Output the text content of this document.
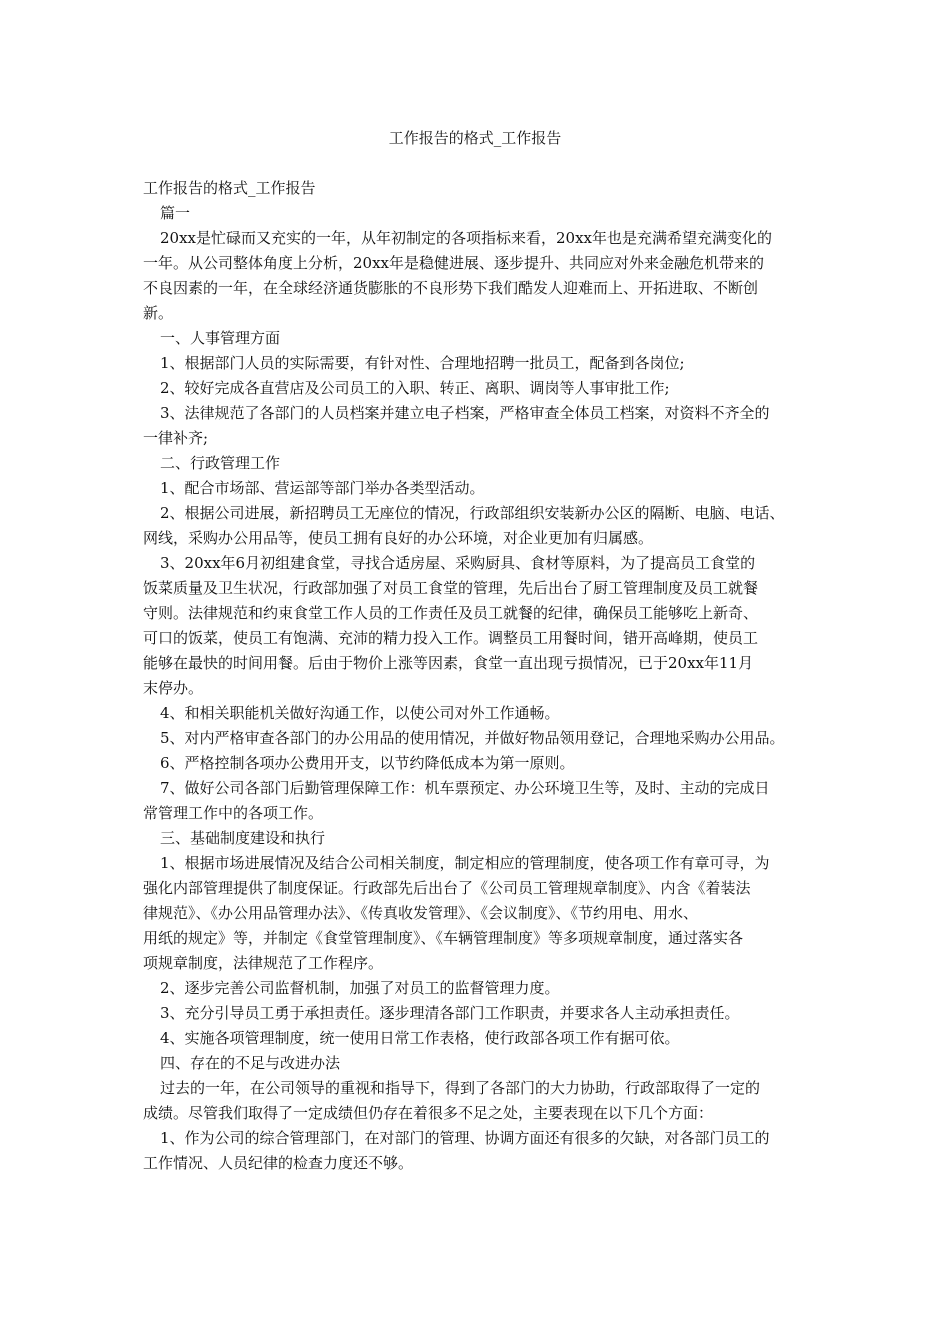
工作报告的格式_工作报告

工作报告的格式_工作报告

篇一

20xx是忙碌而又充实的一年，从年初制定的各项指标来看，20xx年也是充满希望充满变化的

一年。从公司整体角度上分析，20xx年是稳健进展、逐步提升、共同应对外来金融危机带来的

不良因素的一年，在全球经济通货膨胀的不良形势下我们酷发人迎难而上、开拓进取、不断创

新。

一、人事管理方面

1、根据部门人员的实际需要，有针对性、合理地招聘一批员工，配备到各岗位;

2、较好完成各直营店及公司员工的入职、转正、离职、调岗等人事审批工作;

3、法律规范了各部门的人员档案并建立电子档案，严格审查全体员工档案，对资料不齐全的

一律补齐;

二、行政管理工作

1、配合市场部、营运部等部门举办各类型活动。

2、根据公司进展，新招聘员工无座位的情况，行政部组织安装新办公区的隔断、电脑、电话、

网线，采购办公用品等，使员工拥有良好的办公环境，对企业更加有归属感。

3、20xx年6月初组建食堂，寻找合适房屋、采购厨具、食材等原料，为了提高员工食堂的

饭菜质量及卫生状况，行政部加强了对员工食堂的管理，先后出台了厨工管理制度及员工就餐

守则。法律规范和约束食堂工作人员的工作责任及员工就餐的纪律，确保员工能够吃上新奇、

可口的饭菜，使员工有饱满、充沛的精力投入工作。调整员工用餐时间，错开高峰期，使员工

能够在最快的时间用餐。后由于物价上涨等因素，食堂一直出现亏损情况，已于20xx年11月

末停办。

4、和相关职能机关做好沟通工作，以使公司对外工作通畅。

5、对内严格审查各部门的办公用品的使用情况，并做好物品领用登记，合理地采购办公用品。

6、严格控制各项办公费用开支，以节约降低成本为第一原则。

7、做好公司各部门后勤管理保障工作：机车票预定、办公环境卫生等，及时、主动的完成日

常管理工作中的各项工作。

三、基础制度建设和执行

1、根据市场进展情况及结合公司相关制度，制定相应的管理制度，使各项工作有章可寻，为

强化内部管理提供了制度保证。行政部先后出台了《公司员工管理规章制度》、内含《着装法

律规范》、《办公用品管理办法》、《传真收发管理》、《会议制度》、《节约用电、用水、

用纸的规定》等，并制定《食堂管理制度》、《车辆管理制度》等多项规章制度，通过落实各

项规章制度，法律规范了工作程序。

2、逐步完善公司监督机制，加强了对员工的监督管理力度。

3、充分引导员工勇于承担责任。逐步理清各部门工作职责，并要求各人主动承担责任。

4、实施各项管理制度，统一使用日常工作表格，使行政部各项工作有据可依。

四、存在的不足与改进办法

过去的一年，在公司领导的重视和指导下，得到了各部门的大力协助，行政部取得了一定的

成绩。尽管我们取得了一定成绩但仍存在着很多不足之处，主要表现在以下几个方面：

1、作为公司的综合管理部门，在对部门的管理、协调方面还有很多的欠缺，对各部门员工的

工作情况、人员纪律的检查力度还不够。
